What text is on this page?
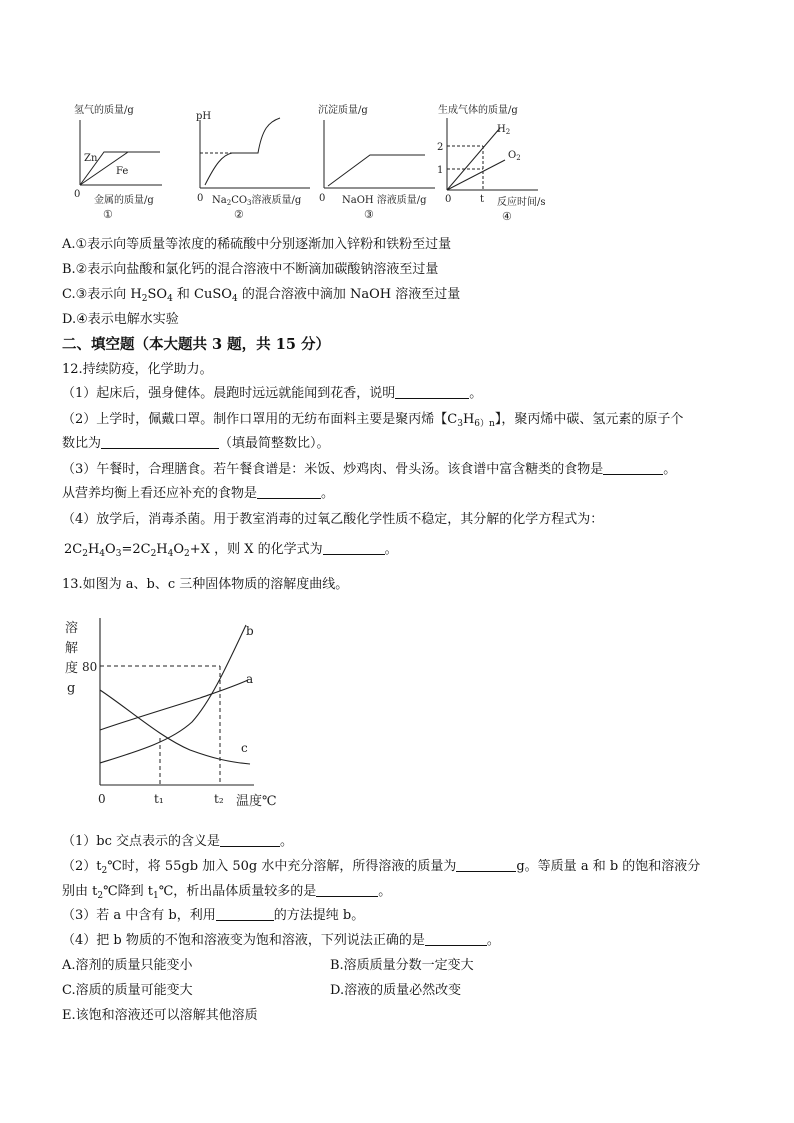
氢气的质量/g
Zn
Fe
0
金属的质量/g
①
pH
0 $Na_2CO_3$溶液质量/g
②
沉淀质量/g
0 NaOH 溶液质量/g
③
生成气体的质量/g
2
1
0	t
$H_2$
$O_2$
反应时间/s
④
A.①表示向等质量等浓度的稀硫酸中分别逐渐加入锌粉和铁粉至过量
B.②表示向盐酸和氯化钙的混合溶液中不断滴加碳酸钠溶液至过量
C.③表示向 $H_2SO_4$ 和 CuSO$_4$ 的混合溶液中滴加 NaOH 溶液至过量
D.④表示电解水实验
二、填空题（本大题共 3 题，共 15 分）
12.持续防疫，化学助力。
（1）起床后，强身健体。晨跑时远远就能闻到花香，说明	。
（2）上学时，佩戴口罩。制作口罩用的无纺布面料主要是聚丙烯【$C_3H_{6)n}$】，聚丙烯中碳、氢元素的原子个
数比为	（填最简整数比）。
（3）午餐时，合理膳食。若午餐食谱是：米饭、炒鸡肉、骨头汤。该食谱中富含糖类的食物是	。
从营养均衡上看还应补充的食物是	。
（4）放学后，消毒杀菌。用于教室消毒的过氧乙酸化学性质不稳定，其分解的化学方程式为：
$2C_2H_4O_3=2C_2H_4O_2+X$ ，则 X 的化学式为	。
13.如图为 a、b、c 三种固体物质的溶解度曲线。
溶
解
度
g
80
0	t₁	t₂ 温度℃
b
a
c
（1）bc 交点表示的含义是	。
$(2)t_2℃$时，将 55gb 加入 50g 水中充分溶解，所得溶液的质量为	g。等质量 a 和 b 的饱和溶液分
别由 $t_2℃$降到 $t_1℃$，析出晶体质量较多的是	。
（3）若 a 中含有 b，利用	的方法提纯 b。
（4）把 b 物质的不饱和溶液变为饱和溶液，下列说法正确的是	。
A.溶剂的质量只能变小	B.溶质质量分数一定变大
C.溶质的质量可能变大	D.溶液的质量必然改变
E.该饱和溶液还可以溶解其他溶质
